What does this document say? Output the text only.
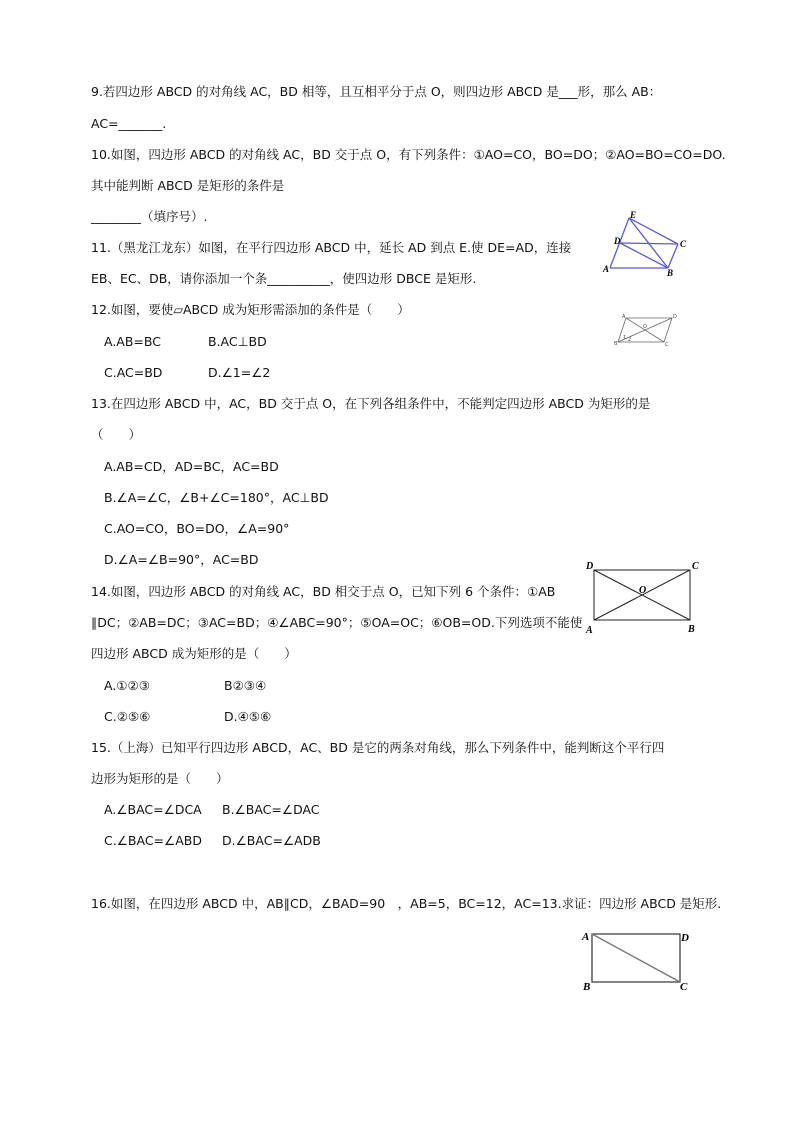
9.若四边形 ABCD 的对角线 AC，BD 相等，且互相平分于点 O，则四边形 ABCD 是___形，那么 AB：
AC=_______.
10.如图，四边形 ABCD 的对角线 AC，BD 交于点 O，有下列条件：①AO=CO，BO=DO；②AO=BO=CO=DO.
其中能判断 ABCD 是矩形的条件是
________（填序号）.
11.（黑龙江龙东）如图，在平行四边形 ABCD 中，延长 AD 到点 E.使 DE=AD，连接
EB、EC、DB，请你添加一个条__________，使四边形 DBCE 是矩形.
E
D	C
A	B
12.如图，要使▱ABCD 成为矩形需添加的条件是（　　）
A.AB=BC	B.AC⊥BD
C.AC=BD	D.∠1=∠2
A	D
B	C
O
1 2
13.在四边形 ABCD 中，AC，BD 交于点 O，在下列各组条件中，不能判定四边形 ABCD 为矩形的是
（　　）
A.AB=CD，AD=BC，AC=BD
B.∠A=∠C，∠B+∠C=180°，AC⊥BD
C.AO=CO，BO=DO，∠A=90°
D.∠A=∠B=90°，AC=BD
14.如图，四边形 ABCD 的对角线 AC，BD 相交于点 O，已知下列 6 个条件：①AB
∥DC；②AB=DC；③AC=BD；④∠ABC=90°；⑤OA=OC；⑥OB=OD.下列选项不能使
四边形 ABCD 成为矩形的是（　　）
A.①②③	B②③④
C.②⑤⑥	D.④⑤⑥
D	C
O
A	B
15.（上海）已知平行四边形 ABCD，AC、BD 是它的两条对角线，那么下列条件中，能判断这个平行四
边形为矩形的是（　　）
A.∠BAC=∠DCA B.∠BAC=∠DAC
C.∠BAC=∠ABD D.∠BAC=∠ADB
16.如图，在四边形 ABCD 中，AB∥CD，∠BAD=90　，AB=5，BC=12，AC=13.求证：四边形 ABCD 是矩形.
A	D
B	C
